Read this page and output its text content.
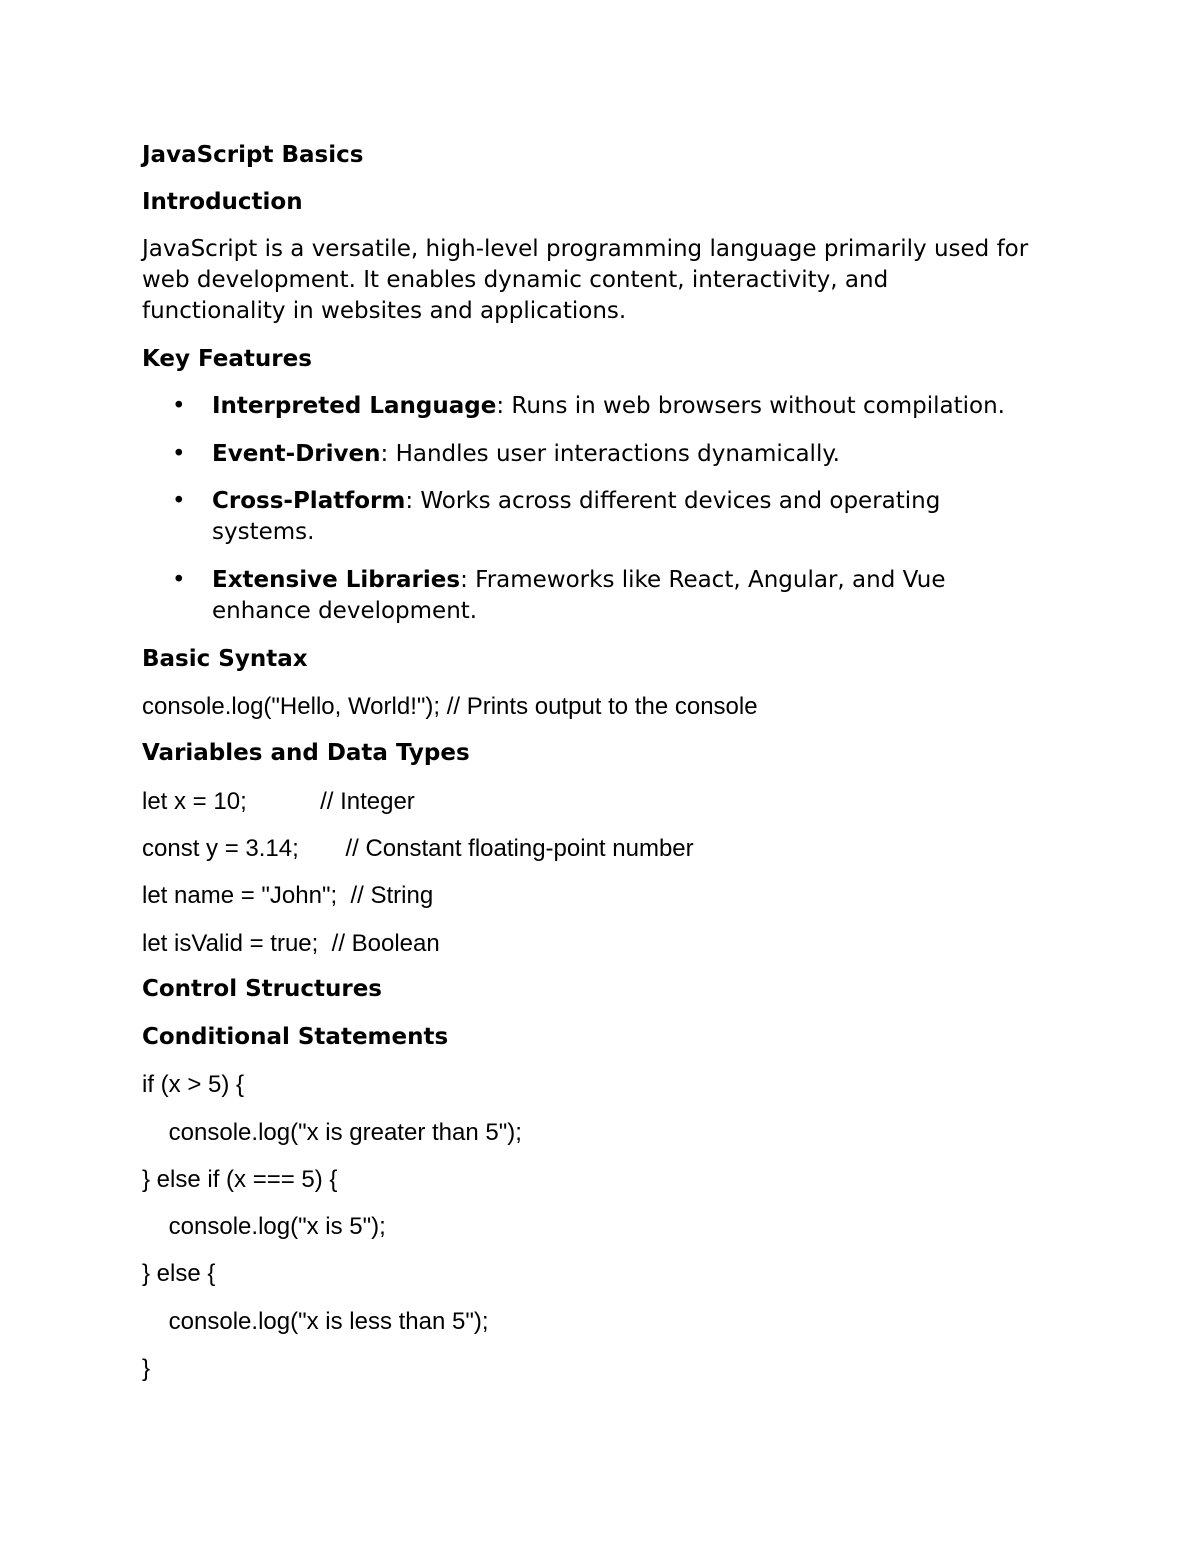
JavaScript Basics
Introduction
JavaScript is a versatile, high-level programming language primarily used for
web development. It enables dynamic content, interactivity, and
functionality in websites and applications.
Key Features
• Interpreted Language: Runs in web browsers without compilation.
• Event-Driven: Handles user interactions dynamically.
• Cross-Platform: Works across different devices and operating
systems.
• Extensive Libraries: Frameworks like React, Angular, and Vue
enhance development.
Basic Syntax
console.log("Hello, World!"); // Prints output to the console
Variables and Data Types
let x = 10;           // Integer
const y = 3.14;       // Constant floating-point number
let name = "John";  // String
let isValid = true;  // Boolean
Control Structures
Conditional Statements
if (x > 5) {
console.log("x is greater than 5");
} else if (x === 5) {
console.log("x is 5");
} else {
console.log("x is less than 5");
}
